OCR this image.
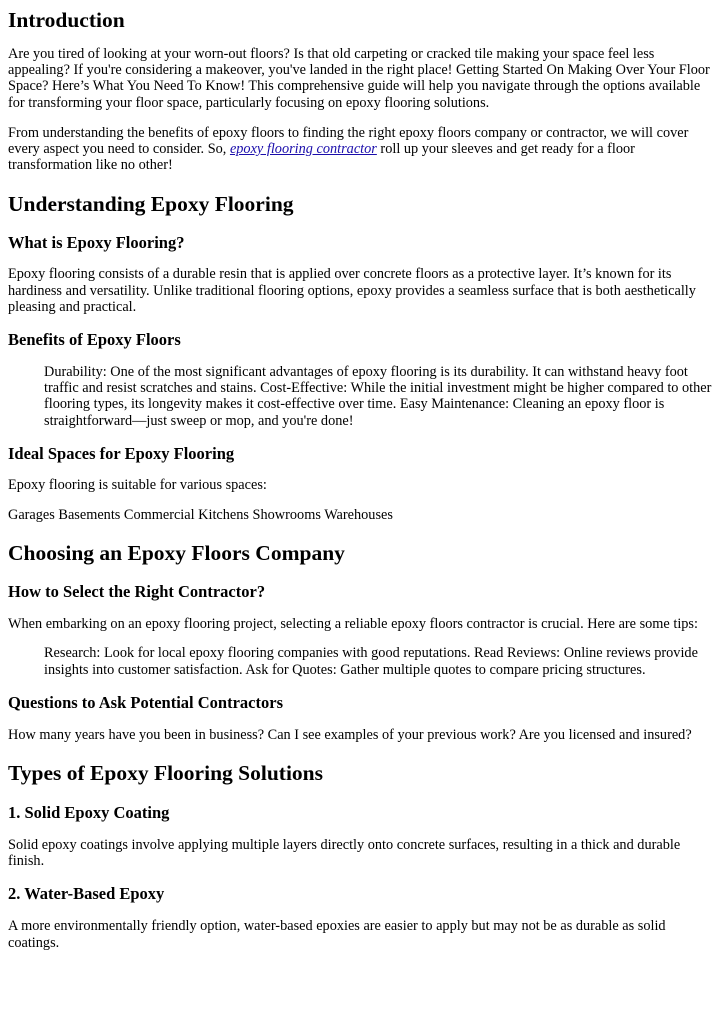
Introduction

Are you tired of looking at your worn-out floors? Is that old carpeting or cracked tile making your space feel less appealing? If you're considering a makeover, you've landed in the right place! Getting Started On Making Over Your Floor Space? Here’s What You Need To Know! This comprehensive guide will help you navigate through the options available for transforming your floor space, particularly focusing on epoxy flooring solutions.

From understanding the benefits of epoxy floors to finding the right epoxy floors company or contractor, we will cover every aspect you need to consider. So, epoxy flooring contractor roll up your sleeves and get ready for a floor transformation like no other!

Understanding Epoxy Flooring
What is Epoxy Flooring?

Epoxy flooring consists of a durable resin that is applied over concrete floors as a protective layer. It’s known for its hardiness and versatility. Unlike traditional flooring options, epoxy provides a seamless surface that is both aesthetically pleasing and practical.

Benefits of Epoxy Floors
Durability: One of the most significant advantages of epoxy flooring is its durability. It can withstand heavy foot traffic and resist scratches and stains. Cost-Effective: While the initial investment might be higher compared to other flooring types, its longevity makes it cost-effective over time. Easy Maintenance: Cleaning an epoxy floor is straightforward—just sweep or mop, and you're done!
Ideal Spaces for Epoxy Flooring

Epoxy flooring is suitable for various spaces:

Garages Basements Commercial Kitchens Showrooms Warehouses

Choosing an Epoxy Floors Company
How to Select the Right Contractor?

When embarking on an epoxy flooring project, selecting a reliable epoxy floors contractor is crucial. Here are some tips:

Research: Look for local epoxy flooring companies with good reputations. Read Reviews: Online reviews provide insights into customer satisfaction. Ask for Quotes: Gather multiple quotes to compare pricing structures.
Questions to Ask Potential Contractors

How many years have you been in business? Can I see examples of your previous work? Are you licensed and insured?

Types of Epoxy Flooring Solutions
1. Solid Epoxy Coating

Solid epoxy coatings involve applying multiple layers directly onto concrete surfaces, resulting in a thick and durable finish.

2. Water-Based Epoxy

A more environmentally friendly option, water-based epoxies are easier to apply but may not be as durable as solid coatings.
